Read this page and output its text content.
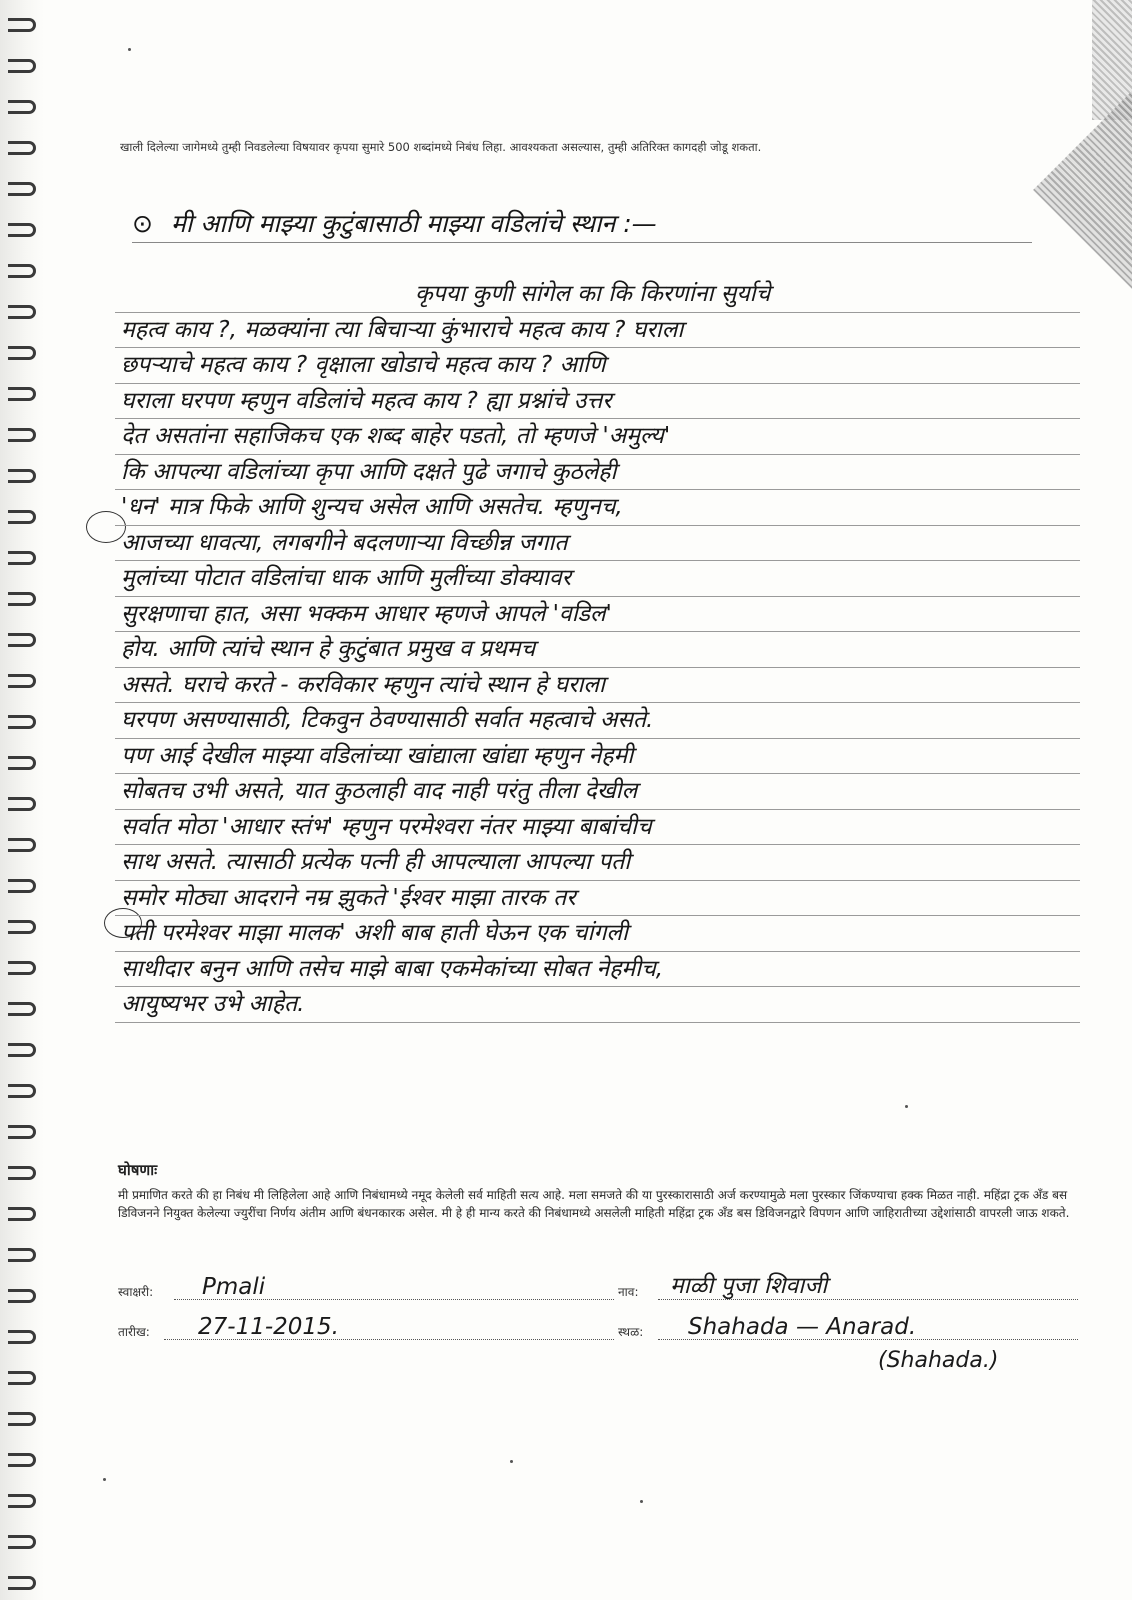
खाली दिलेल्या जागेमध्ये तुम्ही निवडलेल्या विषयावर कृपया सुमारे 500 शब्दांमध्ये निबंध लिहा. आवश्यकता असल्यास, तुम्ही अतिरिक्त कागदही जोडू शकता.
⊙ मी आणि माझ्या कुटुंबासाठी माझ्या वडिलांचे स्थान :—
कृपया कुणी सांगेल का कि किरणांना सुर्याचे
महत्व काय ?, मळक्यांना त्या बिचाऱ्या कुंभाराचे महत्व काय ? घराला
छपऱ्याचे महत्व काय ? वृक्षाला खोडाचे महत्व काय ? आणि
घराला घरपण म्हणुन वडिलांचे महत्व काय ? ह्या प्रश्नांचे उत्तर
देत असतांना सहाजिकच एक शब्द बाहेर पडतो, तो म्हणजे 'अमुल्य'
कि आपल्या वडिलांच्या कृपा आणि दक्षते पुढे जगाचे कुठलेही
'धन' मात्र फिके आणि शुन्यच असेल आणि असतेच. म्हणुनच,
आजच्या धावत्या, लगबगीने बदलणाऱ्या विच्छीन्न जगात
मुलांच्या पोटात वडिलांचा धाक आणि मुलींच्या डोक्यावर
सुरक्षणाचा हात, असा भक्कम आधार म्हणजे आपले 'वडिल'
होय. आणि त्यांचे स्थान हे कुटुंबात प्रमुख व प्रथमच
असते. घराचे करते - करविकार म्हणुन त्यांचे स्थान हे घराला
घरपण असण्यासाठी, टिकवुन ठेवण्यासाठी सर्वात महत्वाचे असते.
पण आई देखील माझ्या वडिलांच्या खांद्याला खांद्या म्हणुन नेहमी
सोबतच उभी असते, यात कुठलाही वाद नाही परंतु तीला देखील
सर्वात मोठा 'आधार स्तंभ' म्हणुन परमेश्वरा नंतर माझ्या बाबांचीच
साथ असते. त्यासाठी प्रत्येक पत्नी ही आपल्याला आपल्या पती
समोर मोठ्या आदराने नम्र झुकते 'ईश्वर माझा तारक तर
पती परमेश्वर माझा मालक' अशी बाब हाती घेऊन एक चांगली
साथीदार बनुन आणि तसेच माझे बाबा एकमेकांच्या सोबत नेहमीच,
आयुष्यभर उभे आहेत.
घोषणाः
मी प्रमाणित करते की हा निबंध मी लिहिलेला आहे आणि निबंधामध्ये नमूद केलेली सर्व माहिती सत्य आहे. मला समजते की या पुरस्कारासाठी अर्ज करण्यामुळे मला पुरस्कार जिंकण्याचा हक्क मिळत नाही. महिंद्रा ट्रक अँड बस डिविजनने नियुक्त केलेल्या ज्युरींचा निर्णय अंतीम आणि बंधनकारक असेल. मी हे ही मान्य करते की निबंधामध्ये असलेली माहिती महिंद्रा ट्रक अँड बस डिविजनद्वारे विपणन आणि जाहिरातीच्या उद्देशांसाठी वापरली जाऊ शकते.
स्वाक्षरी: Pmali	नाव: माळी पुजा शिवाजी
तारीख: 27-11-2015.	स्थळ: Shahada — Anarad.
(Shahada.)
